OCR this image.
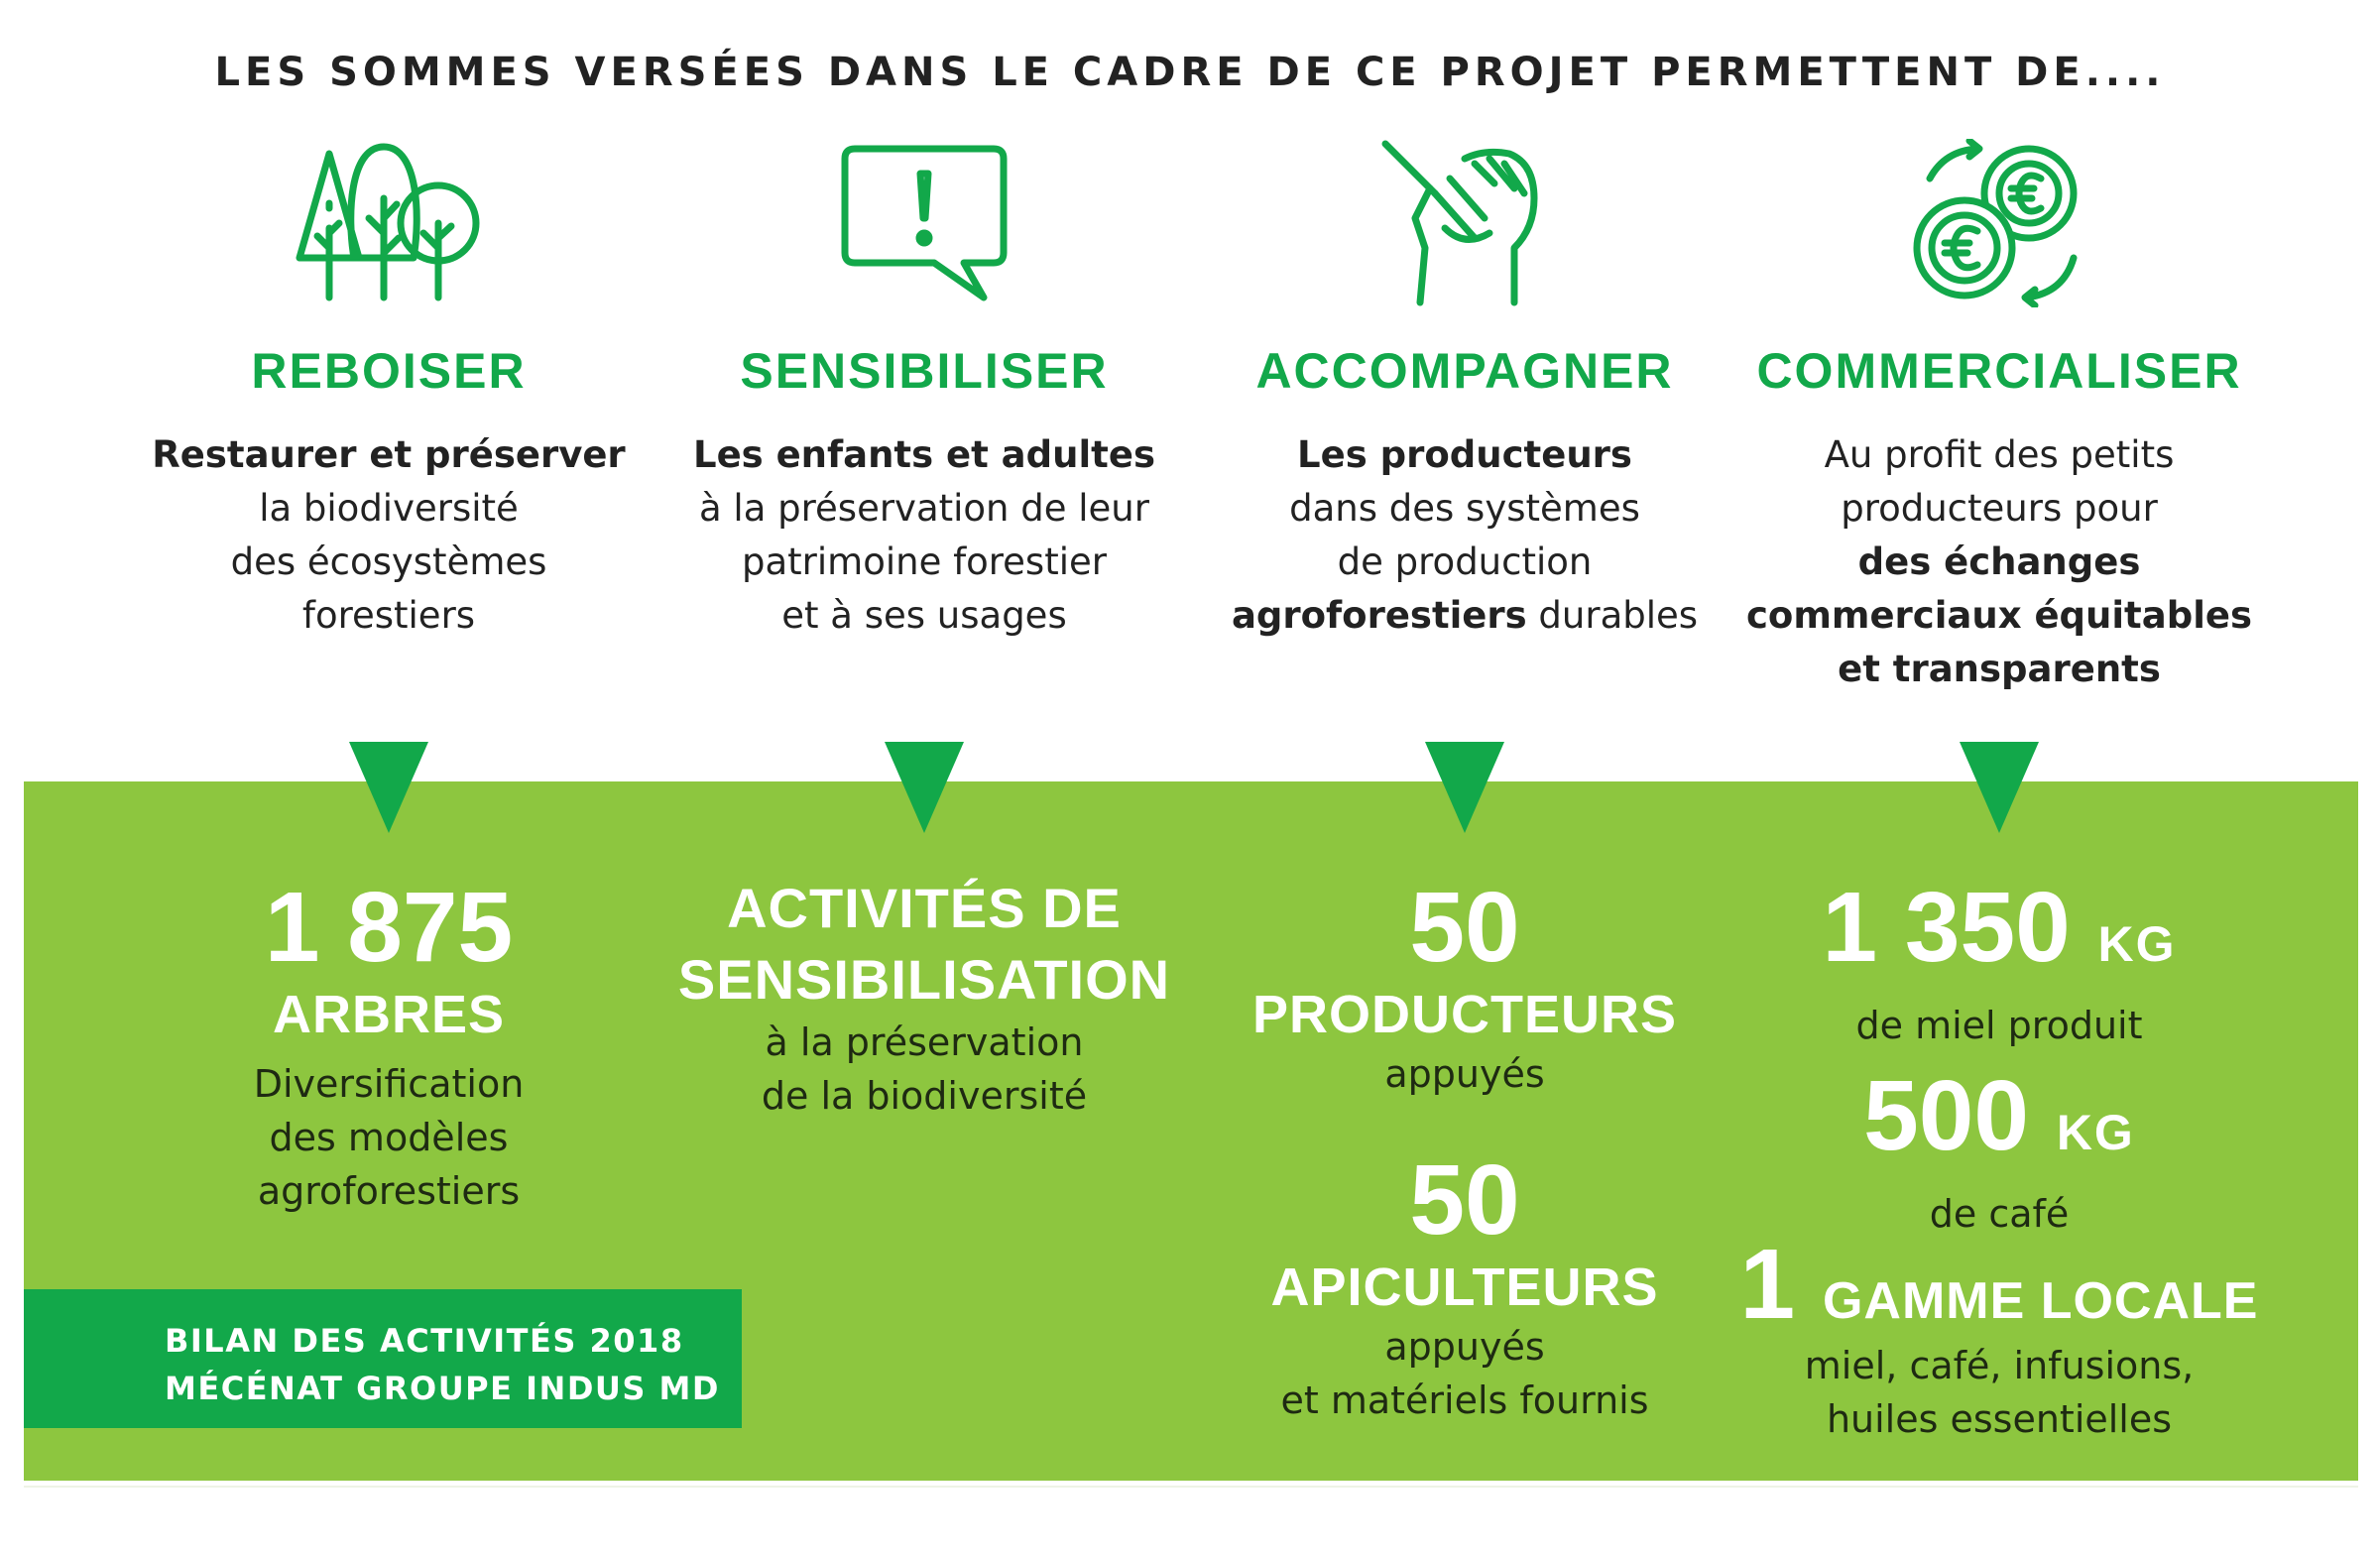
LES SOMMES VERSÉES DANS LE CADRE DE CE PROJET PERMETTENT DE....
REBOISER	SENSIBILISER	ACCOMPAGNER	COMMERCIALISER
Restaurer et préserver
la biodiversité
des écosystèmes
forestiers
Les enfants et adultes
à la préservation de leur
patrimoine forestier
et à ses usages
Les producteurs
dans des systèmes
de production
agroforestiers durables
Au profit des petits
producteurs pour
des échanges
commerciaux équitables
et transparents
1 875
ARBRES
Diversification
des modèles
agroforestiers
ACTIVITÉS DE
SENSIBILISATION
à la préservation
de la biodiversité
50
PRODUCTEURS
appuyés
50
APICULTEURS
appuyés
et matériels fournis
1 350 KG
de miel produit
500 KG
de café
1 GAMME LOCALE
miel, café, infusions,
huiles essentielles
BILAN DES ACTIVITÉS 2018
MÉCÉNAT GROUPE INDUS MD
